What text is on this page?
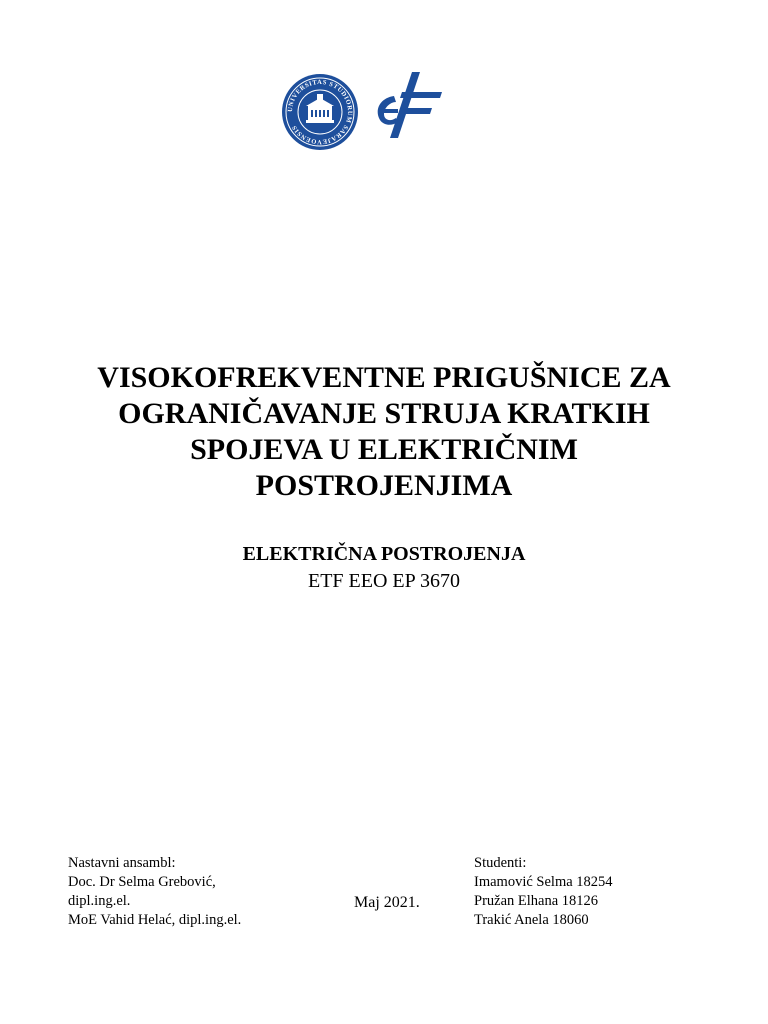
UNIVERSITAS STUDIORUM SARAJEVOENSIS
etf
VISOKOFREKVENTNE PRIGUŠNICE ZA
OGRANIČAVANJE STRUJA KRATKIH
SPOJEVA U ELEKTRIČNIM
POSTROJENJIMA
ELEKTRIČNA POSTROJENJA
ETF EEO EP 3670
Nastavni ansambl:
Doc. Dr Selma Grebović,
dipl.ing.el.
MoE Vahid Helać, dipl.ing.el.
Maj 2021.
Studenti:
Imamović Selma 18254
Pružan Elhana 18126
Trakić Anela 18060
